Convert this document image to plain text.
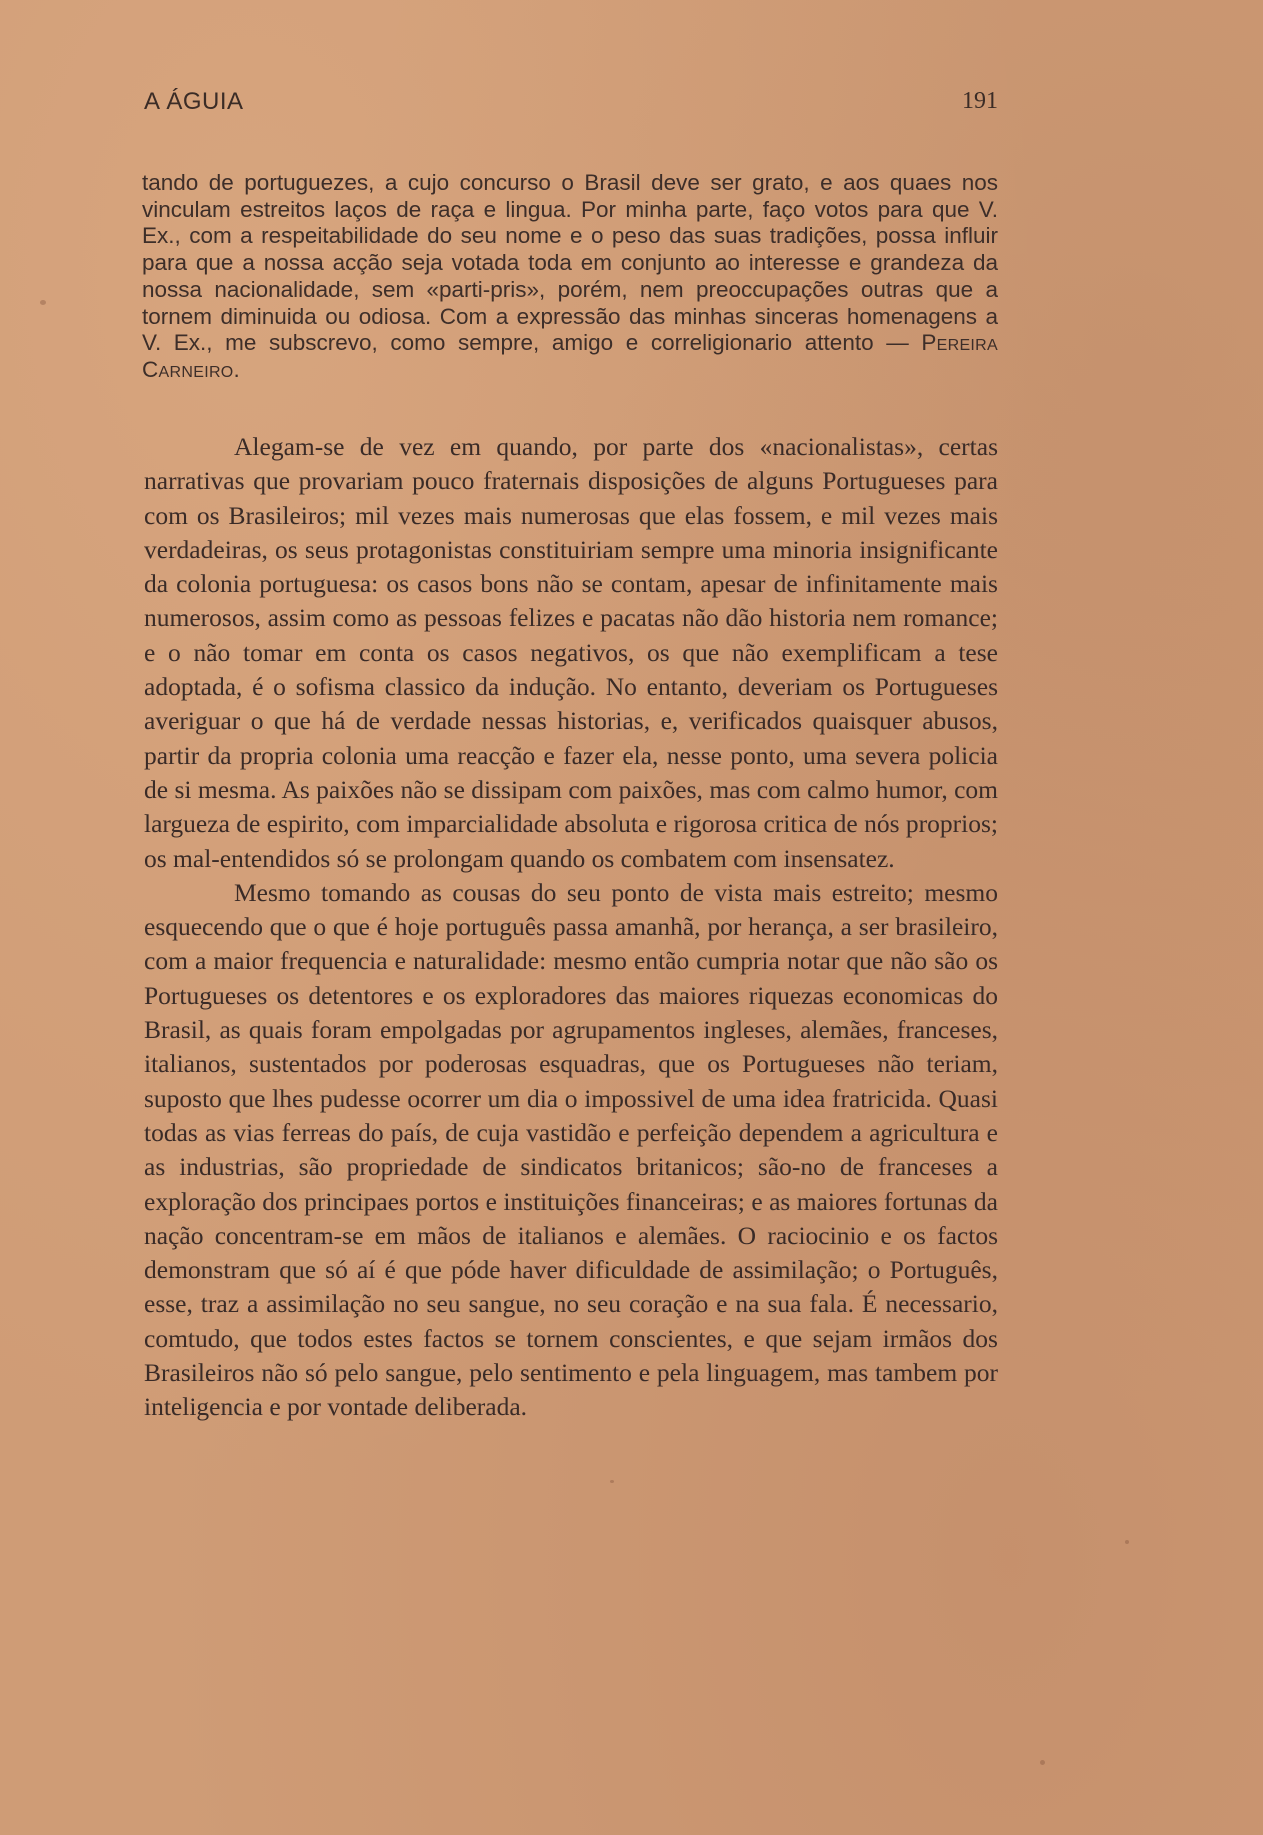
A ÁGUIA	191

tando de portuguezes, a cujo concurso o Brasil deve ser grato, e aos quaes nos vinculam estreitos laços de raça e lingua. Por minha parte, faço votos para que V. Ex., com a respeitabilidade do seu nome e o peso das suas tradições, possa influir para que a nossa acção seja votada toda em conjunto ao interesse e grandeza da nossa nacionalidade, sem «parti-pris», porém, nem preoccupações outras que a tornem diminuida ou odiosa. Com a expressão das minhas sinceras homenagens a V. Ex., me subscrevo, como sempre, amigo e correligionario attento — Pereira Carneiro.

Alegam-se de vez em quando, por parte dos «nacionalistas», certas narrativas que provariam pouco fraternais disposições de alguns Portugueses para com os Brasileiros; mil vezes mais numerosas que elas fossem, e mil vezes mais verdadeiras, os seus protagonistas constituiriam sempre uma minoria insignificante da colonia portuguesa: os casos bons não se contam, apesar de infinitamente mais numerosos, assim como as pessoas felizes e pacatas não dão historia nem romance; e o não tomar em conta os casos negativos, os que não exemplificam a tese adoptada, é o sofisma classico da indução. No entanto, deveriam os Portugueses averiguar o que há de verdade nessas historias, e, verificados quaisquer abusos, partir da propria colonia uma reacção e fazer ela, nesse ponto, uma severa policia de si mesma. As paixões não se dissipam com paixões, mas com calmo humor, com largueza de espirito, com imparcialidade absoluta e rigorosa critica de nós proprios; os mal-entendidos só se prolongam quando os combatem com insensatez.

Mesmo tomando as cousas do seu ponto de vista mais estreito; mesmo esquecendo que o que é hoje português passa amanhã, por herança, a ser brasileiro, com a maior frequencia e naturalidade: mesmo então cumpria notar que não são os Portugueses os detentores e os exploradores das maiores riquezas economicas do Brasil, as quais foram empolgadas por agrupamentos ingleses, alemães, franceses, italianos, sustentados por poderosas esquadras, que os Portugueses não teriam, suposto que lhes pudesse ocorrer um dia o impossivel de uma idea fratricida. Quasi todas as vias ferreas do país, de cuja vastidão e perfeição dependem a agricultura e as industrias, são propriedade de sindicatos britanicos; são-no de franceses a exploração dos principaes portos e instituições financeiras; e as maiores fortunas da nação concentram-se em mãos de italianos e alemães. O raciocinio e os factos demonstram que só aí é que póde haver dificuldade de assimilação; o Português, esse, traz a assimilação no seu sangue, no seu coração e na sua fala. É necessario, comtudo, que todos estes factos se tornem conscientes, e que sejam irmãos dos Brasileiros não só pelo sangue, pelo sentimento e pela linguagem, mas tambem por inteligencia e por vontade deliberada.
